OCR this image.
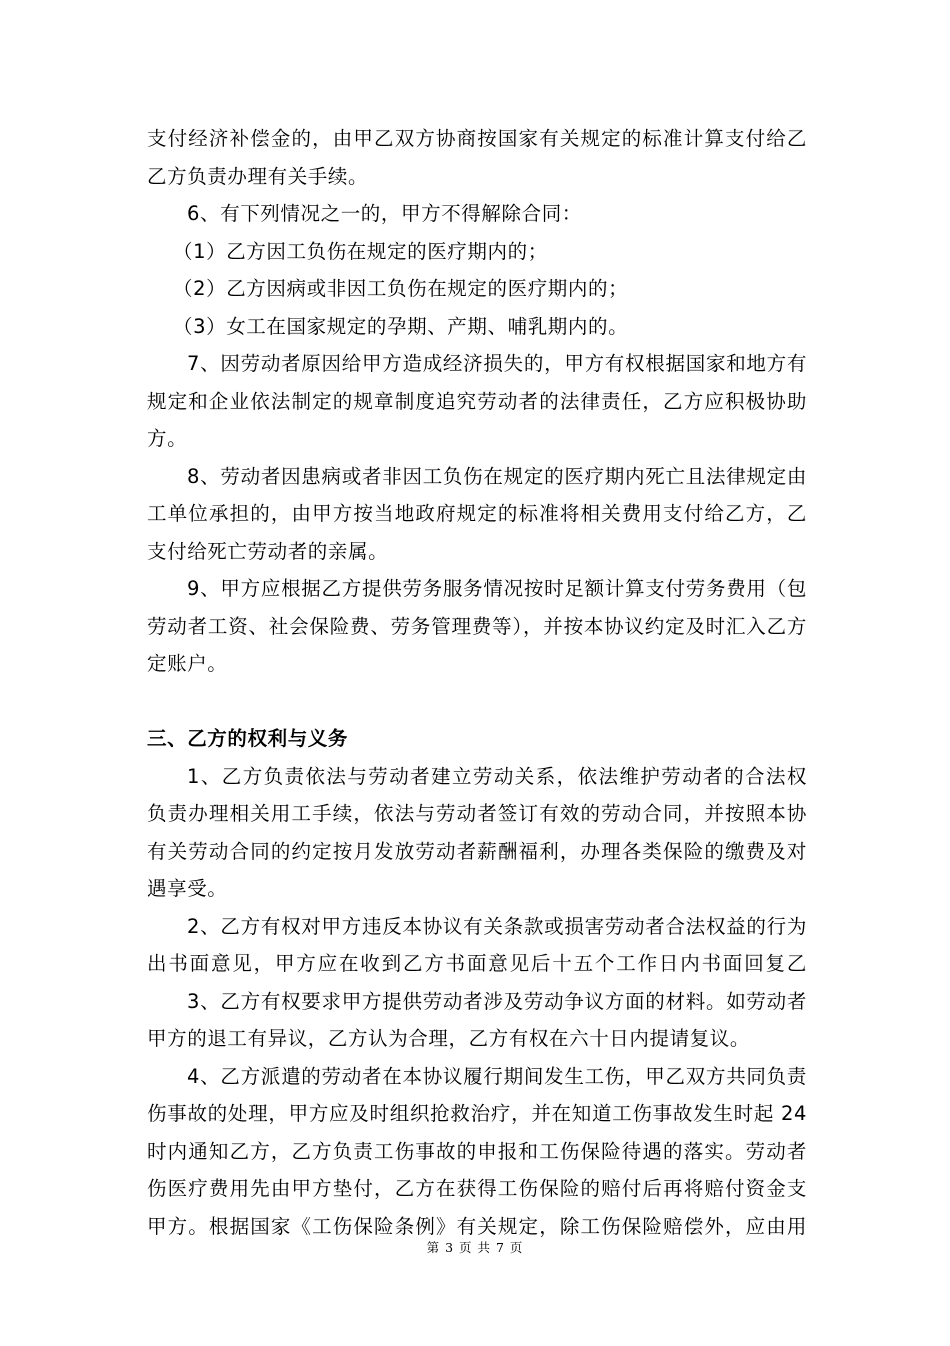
支付经济补偿金的，由甲乙双方协商按国家有关规定的标准计算支付给乙
乙方负责办理有关手续。
6、有下列情况之一的，甲方不得解除合同：
（1）乙方因工负伤在规定的医疗期内的；
（2）乙方因病或非因工负伤在规定的医疗期内的；
（3）女工在国家规定的孕期、产期、哺乳期内的。
7、因劳动者原因给甲方造成经济损失的，甲方有权根据国家和地方有
规定和企业依法制定的规章制度追究劳动者的法律责任，乙方应积极协助
方。
8、劳动者因患病或者非因工负伤在规定的医疗期内死亡且法律规定由
工单位承担的，由甲方按当地政府规定的标准将相关费用支付给乙方，乙
支付给死亡劳动者的亲属。
9、甲方应根据乙方提供劳务服务情况按时足额计算支付劳务费用（包
劳动者工资、社会保险费、劳务管理费等），并按本协议约定及时汇入乙方
定账户。
三、乙方的权利与义务
1、乙方负责依法与劳动者建立劳动关系，依法维护劳动者的合法权
负责办理相关用工手续，依法与劳动者签订有效的劳动合同，并按照本协
有关劳动合同的约定按月发放劳动者薪酬福利，办理各类保险的缴费及对
遇享受。
2、乙方有权对甲方违反本协议有关条款或损害劳动者合法权益的行为
出书面意见，甲方应在收到乙方书面意见后十五个工作日内书面回复乙
3、乙方有权要求甲方提供劳动者涉及劳动争议方面的材料。如劳动者
甲方的退工有异议，乙方认为合理，乙方有权在六十日内提请复议。
4、乙方派遣的劳动者在本协议履行期间发生工伤，甲乙双方共同负责
伤事故的处理，甲方应及时组织抢救治疗，并在知道工伤事故发生时起 24
时内通知乙方，乙方负责工伤事故的申报和工伤保险待遇的落实。劳动者
伤医疗费用先由甲方垫付，乙方在获得工伤保险的赔付后再将赔付资金支
甲方。根据国家《工伤保险条例》有关规定，除工伤保险赔偿外，应由用
第 3 页 共 7 页
